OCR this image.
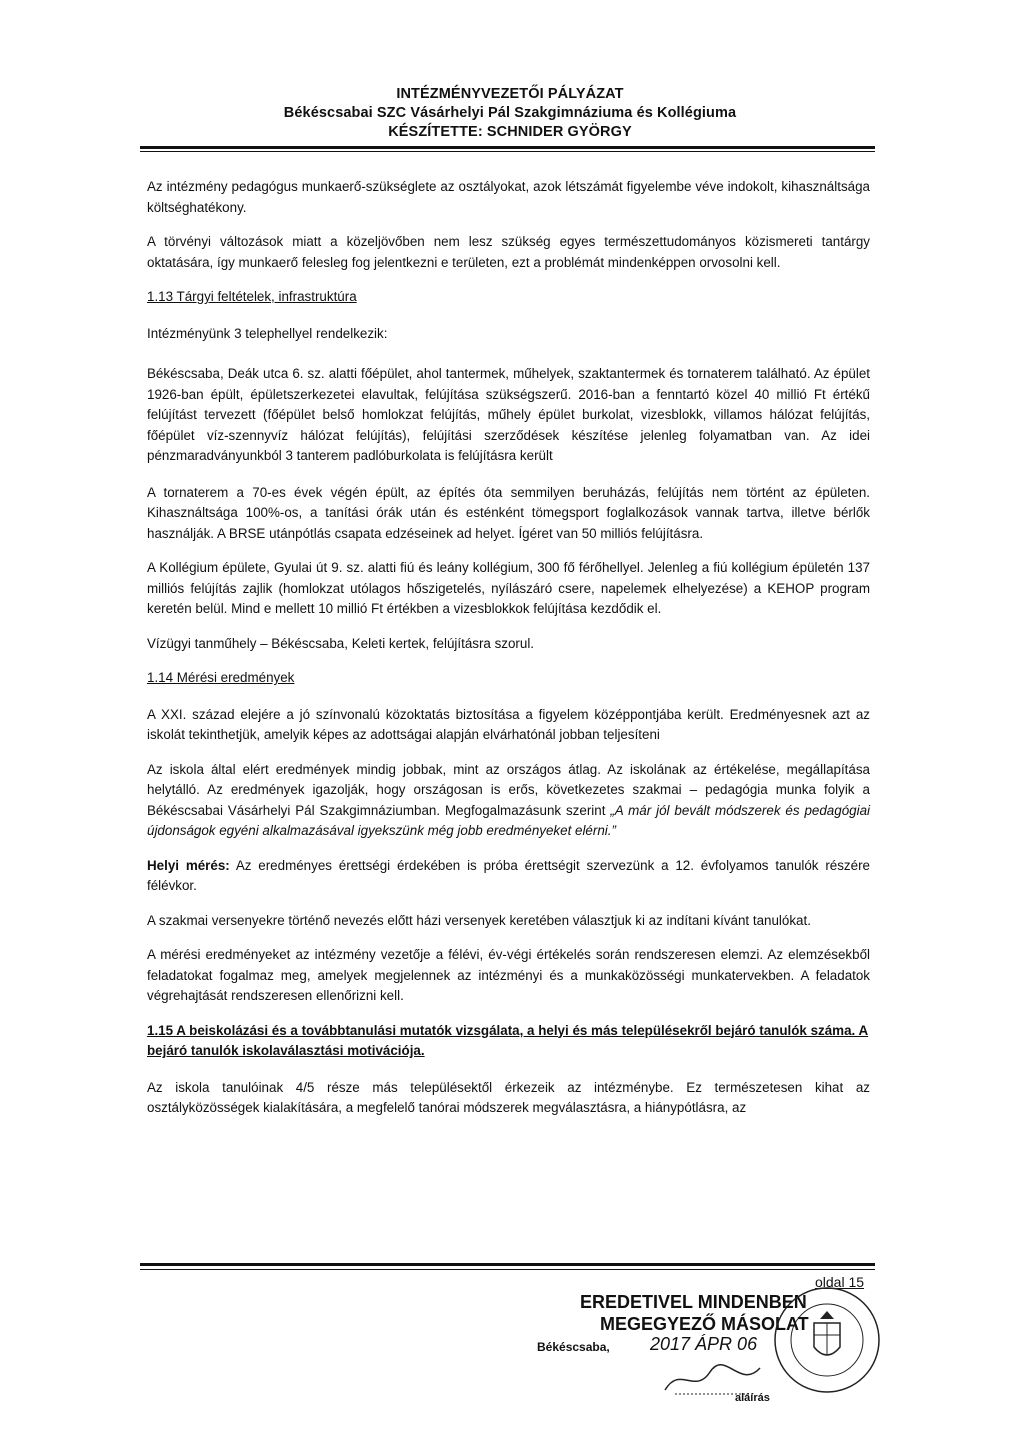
INTÉZMÉNYVEZETŐI PÁLYÁZAT
Békéscsabai SZC Vásárhelyi Pál Szakgimnáziuma és Kollégiuma
KÉSZÍTETTE: SCHNIDER GYÖRGY

Az intézmény pedagógus munkaerő-szükséglete az osztályokat, azok létszámát figyelembe véve indokolt, kihasználtsága költséghatékony.

A törvényi változások miatt a közeljövőben nem lesz szükség egyes természettudományos közismereti tantárgy oktatására, így munkaerő felesleg fog jelentkezni e területen, ezt a problémát mindenképpen orvosolni kell.

1.13 Tárgyi feltételek, infrastruktúra

Intézményünk 3 telephellyel rendelkezik:

Békéscsaba, Deák utca 6. sz. alatti főépület, ahol tantermek, műhelyek, szaktantermek és tornaterem található. Az épület 1926-ban épült, épületszerkezetei elavultak, felújítása szükségszerű. 2016-ban a fenntartó közel 40 millió Ft értékű felújítást tervezett (főépület belső homlokzat felújítás, műhely épület burkolat, vizesblokk, villamos hálózat felújítás, főépület víz-szennyvíz hálózat felújítás), felújítási szerződések készítése jelenleg folyamatban van. Az idei pénzmaradványunkból 3 tanterem padlóburkolata is felújításra került

A tornaterem a 70-es évek végén épült, az építés óta semmilyen beruházás, felújítás nem történt az épületen. Kihasználtsága 100%-os, a tanítási órák után és esténként tömegsport foglalkozások vannak tartva, illetve bérlők használják. A BRSE utánpótlás csapata edzéseinek ad helyet. Ígéret van 50 milliós felújításra.

A Kollégium épülete, Gyulai út 9. sz. alatti fiú és leány kollégium, 300 fő férőhellyel. Jelenleg a fiú kollégium épületén 137 milliós felújítás zajlik (homlokzat utólagos hőszigetelés, nyílászáró csere, napelemek elhelyezése) a KEHOP program keretén belül. Mind e mellett 10 millió Ft értékben a vizesblokkok felújítása kezdődik el.

Vízügyi tanműhely – Békéscsaba, Keleti kertek, felújításra szorul.

1.14 Mérési eredmények

A XXI. század elejére a jó színvonalú közoktatás biztosítása a figyelem középpontjába került. Eredményesnek azt az iskolát tekinthetjük, amelyik képes az adottságai alapján elvárhatónál jobban teljesíteni

Az iskola által elért eredmények mindig jobbak, mint az országos átlag. Az iskolának az értékelése, megállapítása helytálló. Az eredmények igazolják, hogy országosan is erős, következetes szakmai – pedagógia munka folyik a Békéscsabai Vásárhelyi Pál Szakgimnáziumban. Megfogalmazásunk szerint „A már jól bevált módszerek és pedagógiai újdonságok egyéni alkalmazásával igyekszünk még jobb eredményeket elérni.”

Helyi mérés: Az eredményes érettségi érdekében is próba érettségit szervezünk a 12. évfolyamos tanulók részére félévkor.

A szakmai versenyekre történő nevezés előtt házi versenyek keretében választjuk ki az indítani kívánt tanulókat.

A mérési eredményeket az intézmény vezetője a félévi, év-végi értékelés során rendszeresen elemzi. Az elemzésekből feladatokat fogalmaz meg, amelyek megjelennek az intézményi és a munkaközösségi munkatervekben. A feladatok végrehajtását rendszeresen ellenőrizni kell.

1.15 A beiskolázási és a továbbtanulási mutatók vizsgálata, a helyi és más településekről bejáró tanulók száma. A bejáró tanulók iskolaválasztási motivációja.

Az iskola tanulóinak 4/5 része más településektől érkezeik az intézménybe. Ez természetesen kihat az osztályközösségek kialakítására, a megfelelő tanórai módszerek megválasztásra, a hiánypótlásra, az

oldal 15
EREDETIVEL MINDENBEN
MEGEGYEZŐ MÁSOLAT
Békéscsaba, 2017 ÁPR 06
aláírás
